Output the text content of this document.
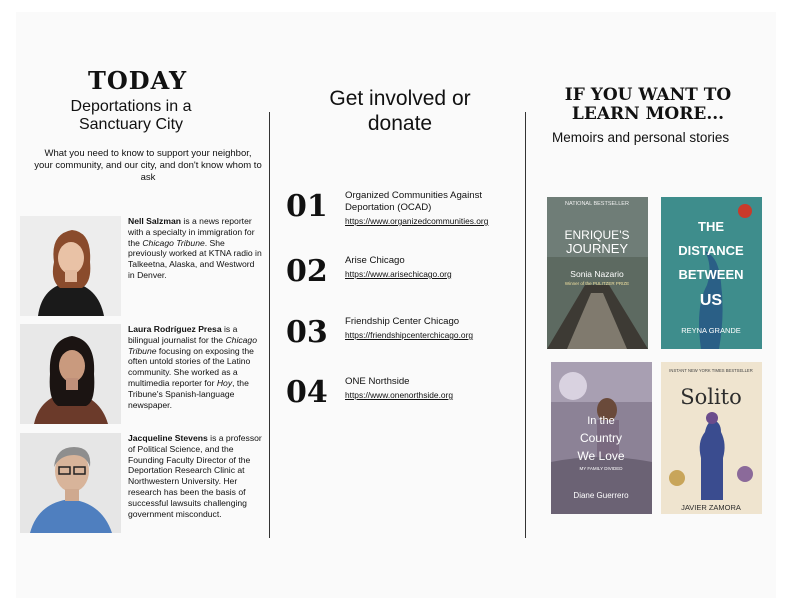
TODAY
Deportations in a Sanctuary City
What you need to know to support your neighbor, your community, and our city, and don't know whom to ask
Nell Salzman is a news reporter with a specialty in immigration for the Chicago Tribune. She previously worked at KTNA radio in Talkeetna, Alaska, and Westword in Denver.
Laura Rodríguez Presa is a bilingual journalist for the Chicago Tribune focusing on exposing the often untold stories of the Latino community. She worked as a multimedia reporter for Hoy, the Tribune's Spanish-language newspaper.
Jacqueline Stevens is a professor of Political Science, and the Founding Faculty Director of the Deportation Research Clinic at Northwestern University. Her research has been the basis of successful lawsuits challenging government misconduct.
Get involved or donate
01 Organized Communities Against Deportation (OCAD)
https://www.organizedcommunities.org
02 Arise Chicago
https://www.arisechicago.org
03 Friendship Center Chicago
https://friendshipcenterchicago.org
04 ONE Northside
https://www.onenorthside.org
IF YOU WANT TO LEARN MORE...
Memoirs and personal stories
NATIONAL BESTSELLER
ENRIQUE'S
JOURNEY
Sonia Nazario
Winner of the PULITZER PRIZE
THE
DISTANCE
BETWEEN
US
REYNA GRANDE
In the
Country
We Love
MY FAMILY DIVIDED
Diane Guerrero
INSTANT NEW YORK TIMES BESTSELLER
Solito
JAVIER ZAMORA
